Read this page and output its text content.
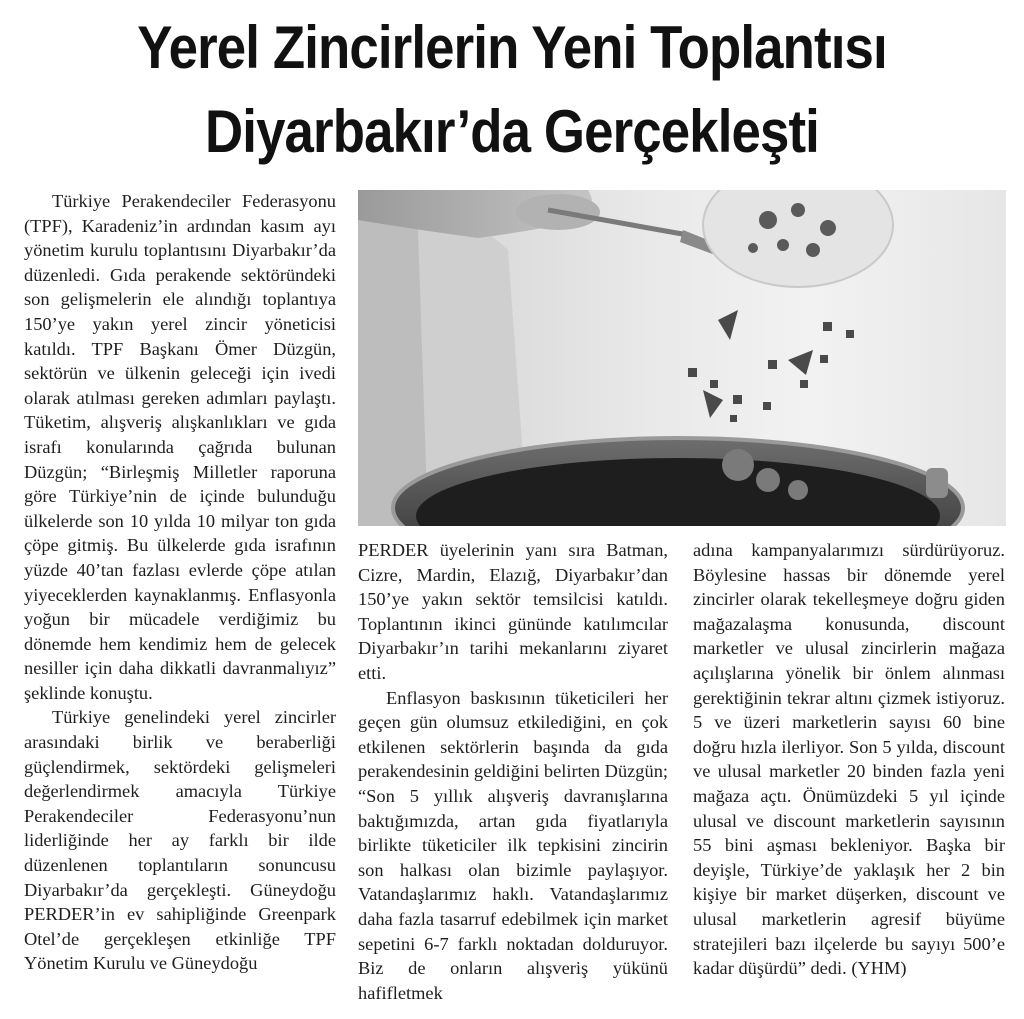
Yerel Zincirlerin Yeni Toplantısı
Diyarbakır’da Gerçekleşti

Türkiye Perakendeciler Federasyonu (TPF), Karadeniz’in ardından kasım ayı yönetim kurulu toplantısını Diyarbakır’da düzenledi. Gıda perakende sektöründeki son gelişmelerin ele alındığı toplantıya 150’ye yakın yerel zincir yöneticisi katıldı. TPF Başkanı Ömer Düzgün, sektörün ve ülkenin geleceği için ivedi olarak atılması gereken adımları paylaştı. Tüketim, alışveriş alışkanlıkları ve gıda israfı konularında çağrıda bulunan Düzgün; “Birleşmiş Milletler raporuna göre Türkiye’nin de içinde bulunduğu ülkelerde son 10 yılda 10 milyar ton gıda çöpe gitmiş. Bu ülkelerde gıda israfının yüzde 40’tan fazlası evlerde çöpe atılan yiyeceklerden kaynaklanmış. Enflasyonla yoğun bir mücadele verdiğimiz bu dönemde hem kendimiz hem de gelecek nesiller için daha dikkatli davranmalıyız” şeklinde konuştu.

Türkiye genelindeki yerel zincirler arasındaki birlik ve beraberliği güçlendirmek, sektördeki gelişmeleri değerlendirmek amacıyla Türkiye Perakendeciler Federasyonu’nun liderliğinde her ay farklı bir ilde düzenlenen toplantıların sonuncusu Diyarbakır’da gerçekleşti. Güneydoğu PERDER’in ev sahipliğinde Greenpark Otel’de gerçekleşen etkinliğe TPF Yönetim Kurulu ve Güneydoğu

PERDER üyelerinin yanı sıra Batman, Cizre, Mardin, Elazığ, Diyarbakır’dan 150’ye yakın sektör temsilcisi katıldı. Toplantının ikinci gününde katılımcılar Diyarbakır’ın tarihi mekanlarını ziyaret etti.

Enflasyon baskısının tüketicileri her geçen gün olumsuz etkilediğini, en çok etkilenen sektörlerin başında da gıda perakendesinin geldiğini belirten Düzgün; “Son 5 yıllık alışveriş davranışlarına baktığımızda, artan gıda fiyatlarıyla birlikte tüketiciler ilk tepkisini zincirin son halkası olan bizimle paylaşıyor. Vatandaşlarımız haklı. Vatandaşlarımız daha fazla tasarruf edebilmek için market sepetini 6-7 farklı noktadan dolduruyor. Biz de onların alışveriş yükünü hafifletmek

adına kampanyalarımızı sürdürüyoruz. Böylesine hassas bir dönemde yerel zincirler olarak tekelleşmeye doğru giden mağazalaşma konusunda, discount marketler ve ulusal zincirlerin mağaza açılışlarına yönelik bir önlem alınması gerektiğinin tekrar altını çizmek istiyoruz. 5 ve üzeri marketlerin sayısı 60 bine doğru hızla ilerliyor. Son 5 yılda, discount ve ulusal marketler 20 binden fazla yeni mağaza açtı. Önümüzdeki 5 yıl içinde ulusal ve discount marketlerin sayısının 55 bini aşması bekleniyor. Başka bir deyişle, Türkiye’de yaklaşık her 2 bin kişiye bir market düşerken, discount ve ulusal marketlerin agresif büyüme stratejileri bazı ilçelerde bu sayıyı 500’e kadar düşürdü” dedi. (YHM)
